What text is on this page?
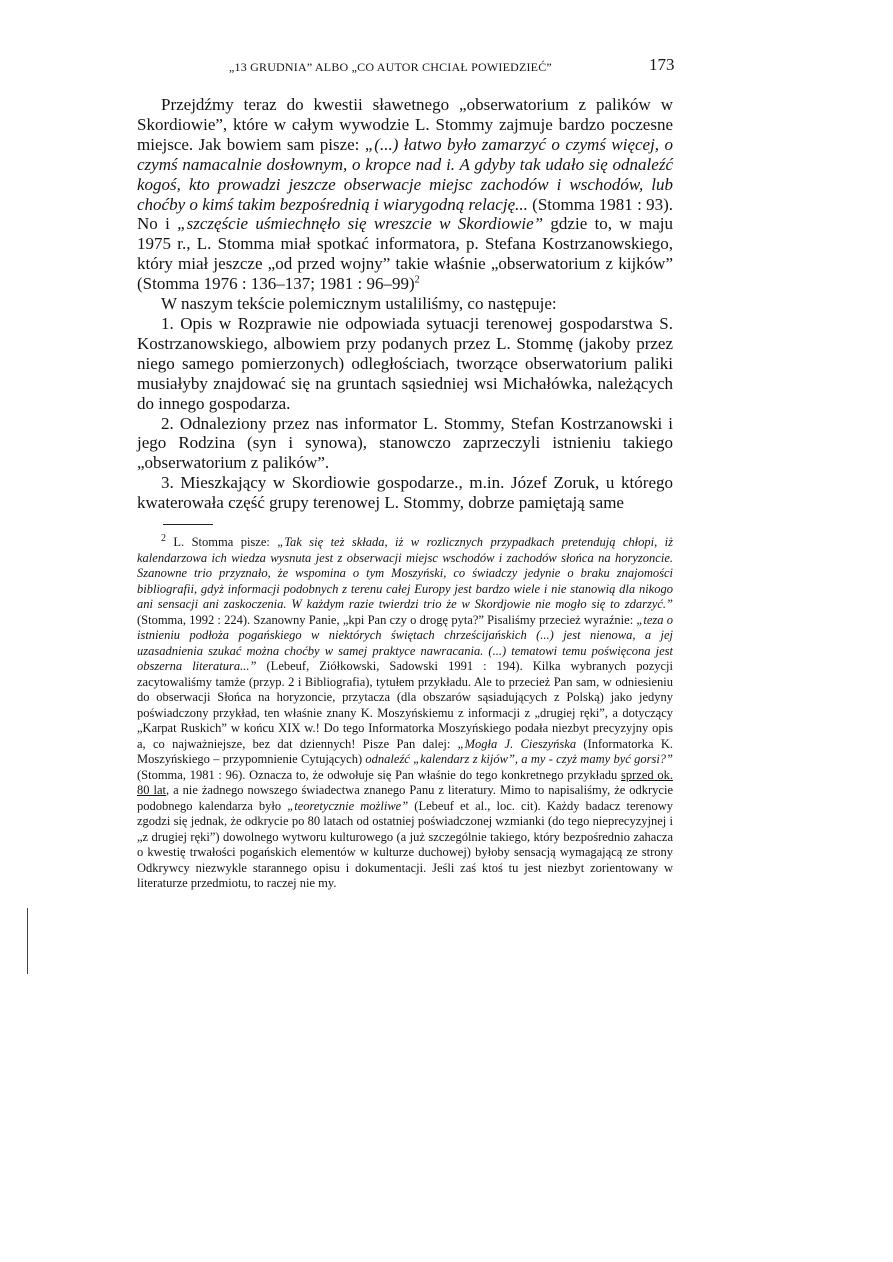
„13 GRUDNIA” ALBO „CO AUTOR CHCIAŁ POWIEDZIEĆ”	173

Przejdźmy teraz do kwestii sławetnego „obserwatorium z palików w Skordiowie”, które w całym wywodzie L. Stommy zajmuje bardzo poczesne miejsce. Jak bowiem sam pisze: „(...) łatwo było zamarzyć o czymś więcej, o czymś namacalnie dosłownym, o kropce nad i. A gdyby tak udało się odnaleźć kogoś, kto prowadzi jeszcze obserwacje miejsc zachodów i wschodów, lub choćby o kimś takim bezpośrednią i wiarygodną relację... (Stomma 1981 : 93). No i „szczęście uśmiechnęło się wreszcie w Skordiowie” gdzie to, w maju 1975 r., L. Stomma miał spotkać informatora, p. Stefana Kostrzanowskiego, który miał jeszcze „od przed wojny” takie właśnie „obserwatorium z kijków” (Stomma 1976 : 136–137; 1981 : 96–99)$^2$

W naszym tekście polemicznym ustaliliśmy, co następuje:

1. Opis w Rozprawie nie odpowiada sytuacji terenowej gospodarstwa S. Kostrzanowskiego, albowiem przy podanych przez L. Stommę (jakoby przez niego samego pomierzonych) odległościach, tworzące obserwatorium paliki musiałyby znajdować się na gruntach sąsiedniej wsi Michałówka, należących do innego gospodarza.

2. Odnaleziony przez nas informator L. Stommy, Stefan Kostrzanowski i jego Rodzina (syn i synowa), stanowczo zaprzeczyli istnieniu takiego „obserwatorium z palików”.

3. Mieszkający w Skordiowie gospodarze., m.in. Józef Zoruk, u którego kwaterowała część grupy terenowej L. Stommy, dobrze pamiętają same

$^2$ L. Stomma pisze: „Tak się też składa, iż w rozlicznych przypadkach pretendują chłopi, iż kalendarzowa ich wiedza wysnuta jest z obserwacji miejsc wschodów i zachodów słońca na horyzoncie. Szanowne trio przyznało, że wspomina o tym Moszyński, co świadczy jedynie o braku znajomości bibliografii, gdyż informacji podobnych z terenu całej Europy jest bardzo wiele i nie stanowią dla nikogo ani sensacji ani zaskoczenia. W każdym razie twierdzi trio że w Skordjowie nie mogło się to zdarzyć.” (Stomma, 1992 : 224). Szanowny Panie, „kpi Pan czy o drogę pyta?” Pisaliśmy przecież wyraźnie: „teza o istnieniu podłoża pogańskiego w niektórych świętach chrześcijańskich (...) jest nienowa, a jej uzasadnienia szukać można choćby w samej praktyce nawracania. (...) tematowi temu poświęcona jest obszerna literatura...” (Lebeuf, Ziółkowski, Sadowski 1991 : 194). Kilka wybranych pozycji zacytowaliśmy tamże (przyp. 2 i Bibliografia), tytułem przykładu. Ale to przecież Pan sam, w odniesieniu do obserwacji Słońca na horyzoncie, przytacza (dla obszarów sąsiadujących z Polską) jako jedyny poświadczony przykład, ten właśnie znany K. Moszyńskiemu z informacji z „drugiej ręki”, a dotyczący „Karpat Ruskich” w końcu XIX w.! Do tego Informatorka Moszyńskiego podała niezbyt precyzyjny opis a, co najważniejsze, bez dat dziennych! Pisze Pan dalej: „Mogła J. Cieszyńska (Informatorka K. Moszyńskiego – przypomnienie Cytujących) odnaleźć „kalendarz z kijów”, a my - czyż mamy być gorsi?” (Stomma, 1981 : 96). Oznacza to, że odwołuje się Pan właśnie do tego konkretnego przykładu sprzed ok. 80 lat, a nie żadnego nowszego świadectwa znanego Panu z literatury. Mimo to napisaliśmy, że odkrycie podobnego kalendarza było „teoretycznie możliwe” (Lebeuf et al., loc. cit). Każdy badacz terenowy zgodzi się jednak, że odkrycie po 80 latach od ostatniej poświadczonej wzmianki (do tego nieprecyzyjnej i „z drugiej ręki”) dowolnego wytworu kulturowego (a już szczególnie takiego, który bezpośrednio zahacza o kwestię trwałości pogańskich elementów w kulturze duchowej) byłoby sensacją wymagającą ze strony Odkrywcy niezwykle starannego opisu i dokumentacji. Jeśli zaś ktoś tu jest niezbyt zorientowany w literaturze przedmiotu, to raczej nie my.
